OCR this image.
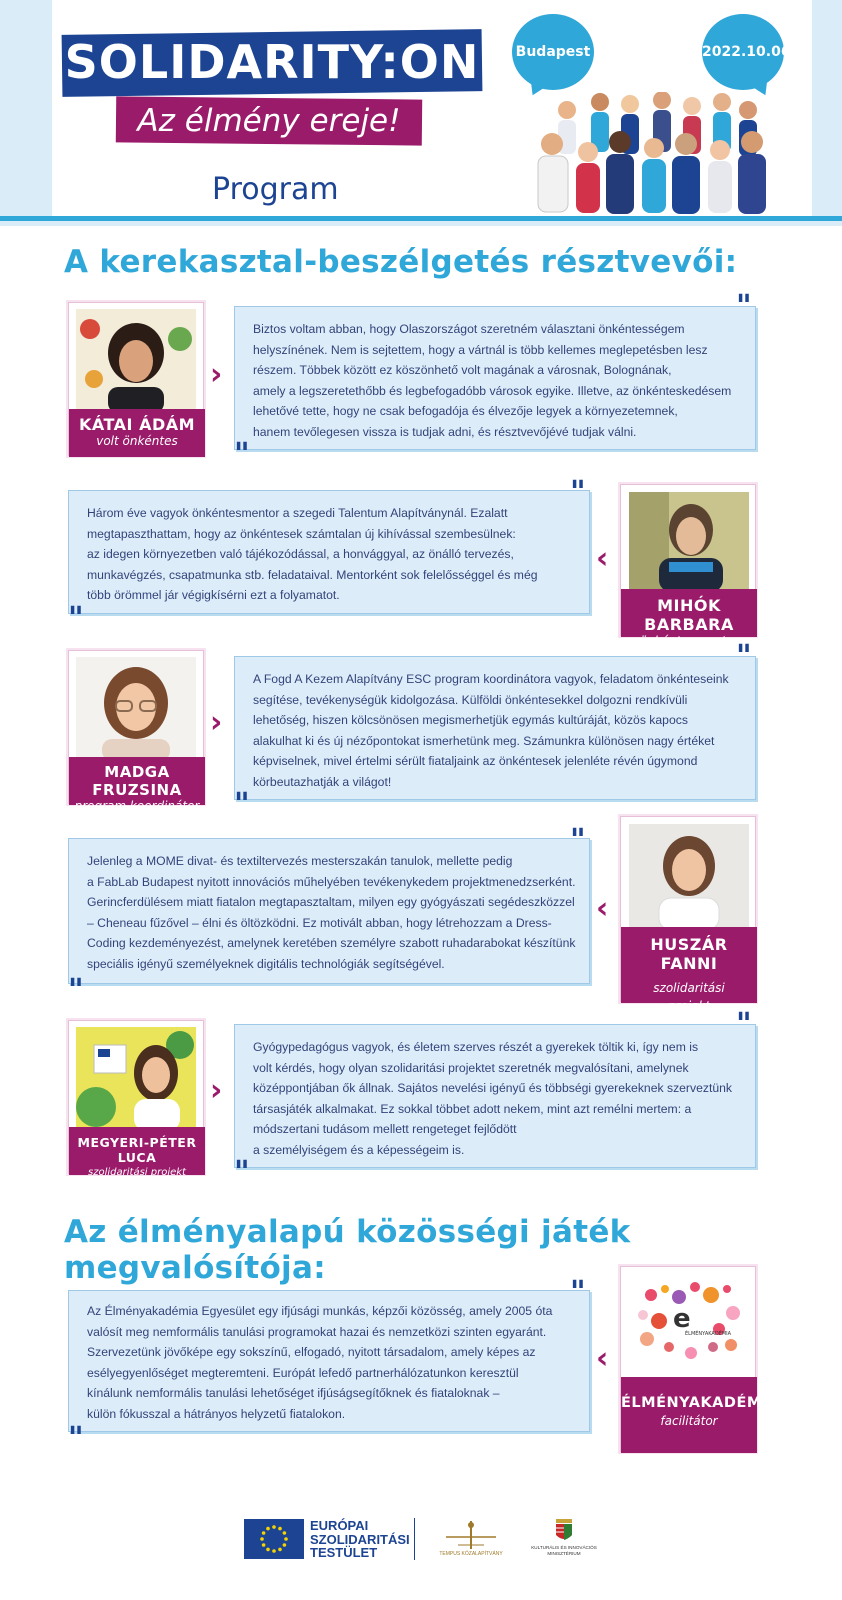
SOLIDARITY:ON
Az élmény ereje!
Program
Budapest	2022.10.06.
A kerekasztal-beszélgetés résztvevői:
KÁTAI ÁDÁM
volt önkéntes
›
Biztos voltam abban, hogy Olaszországot szeretném választani önkéntességem
helyszínének. Nem is sejtettem, hogy a vártnál is több kellemes meglepetésben lesz
részem. Többek között ez köszönhető volt magának a városnak, Bolognának,
amely a legszeretethőbb és legbefogadóbb városok egyike. Illetve, az önkénteskedésem
lehetővé tette, hogy ne csak befogadója és élvezője legyek a környezetemnek,
hanem tevőlegesen vissza is tudjak adni, és résztvevőjévé tudjak válni.
"
"
Három éve vagyok önkéntesmentor a szegedi Talentum Alapítványnál. Ezalatt
megtapaszthattam, hogy az önkéntesek számtalan új kihívással szembesülnek:
az idegen környezetben való tájékozódással, a honvággyal, az önálló tervezés,
munkavégzés, csapatmunka stb. feladataival. Mentorként sok felelősséggel és még
több örömmel jár végigkísérni ezt a folyamatot.
"
"
‹
MIHÓK BARBARA
önkéntesmentor
MADGA FRUZSINA
program koordinátor
›
A Fogd A Kezem Alapítvány ESC program koordinátora vagyok, feladatom önkénteseink
segítése, tevékenységük kidolgozása. Külföldi önkéntesekkel dolgozni rendkívüli
lehetőség, hiszen kölcsönösen megismerhetjük egymás kultúráját, közös kapocs
alakulhat ki és új nézőpontokat ismerhetünk meg. Számunkra különösen nagy értéket
képviselnek, mivel értelmi sérült fiataljaink az önkéntesek jelenléte révén úgymond
körbeutazhatják a világot!
"
"
Jelenleg a MOME divat- és textiltervezés mesterszakán tanulok, mellette pedig
a FabLab Budapest nyitott innovációs műhelyében tevékenykedem projektmenedzserként.
Gerincferdülésem miatt fiatalon megtapasztaltam, milyen egy gyógyászati segédeszközzel
– Cheneau fűzővel – élni és öltözködni. Ez motivált abban, hogy létrehozzam a Dress-
Coding kezdeményezést, amelynek keretében személyre szabott ruhadarabokat készítünk
speciális igényű személyeknek digitális technológiák segítségével.
"
"
‹
HUSZÁR FANNI
szolidaritási projekt
MEGYERI-PÉTER LUCA
szolidaritási projekt megvalósító
›
Gyógypedagógus vagyok, és életem szerves részét a gyerekek töltik ki, így nem is
volt kérdés, hogy olyan szolidaritási projektet szeretnék megvalósítani, amelynek
középpontjában ők állnak. Sajátos nevelési igényű és többségi gyerekeknek szerveztünk
társasjáték alkalmakat. Ez sokkal többet adott nekem, mint azt remélni mertem: a
módszertani tudásom mellett rengeteget fejlődött
a személyiségem és a képességeim is.
"
"
Az élményalapú közösségi játék megvalósítója:
Az Élményakadémia Egyesület egy ifjúsági munkás, képzői közösség, amely 2005 óta
valósít meg nemformális tanulási programokat hazai és nemzetközi szinten egyaránt.
Szervezetünk jövőképe egy sokszínű, elfogadó, nyitott társadalom, amely képes az
esélyegyenlőséget megteremteni. Európát lefedő partnerhálózatunkon keresztül
kínálunk nemformális tanulási lehetőséget ifjúságsegítőknek és fiataloknak –
külön fókusszal a hátrányos helyzetű fiatalokon.
"
"
‹
e
ÉLMÉNYAKADÉMIA
ÉLMÉNYAKADÉMIA
facilitátor
EURÓPAI
SZOLIDARITÁSI
TESTÜLET	TEMPUS KÖZALAPÍTVÁNY
KULTURÁLIS ÉS INNOVÁCIÓS
MINISZTÉRIUM
